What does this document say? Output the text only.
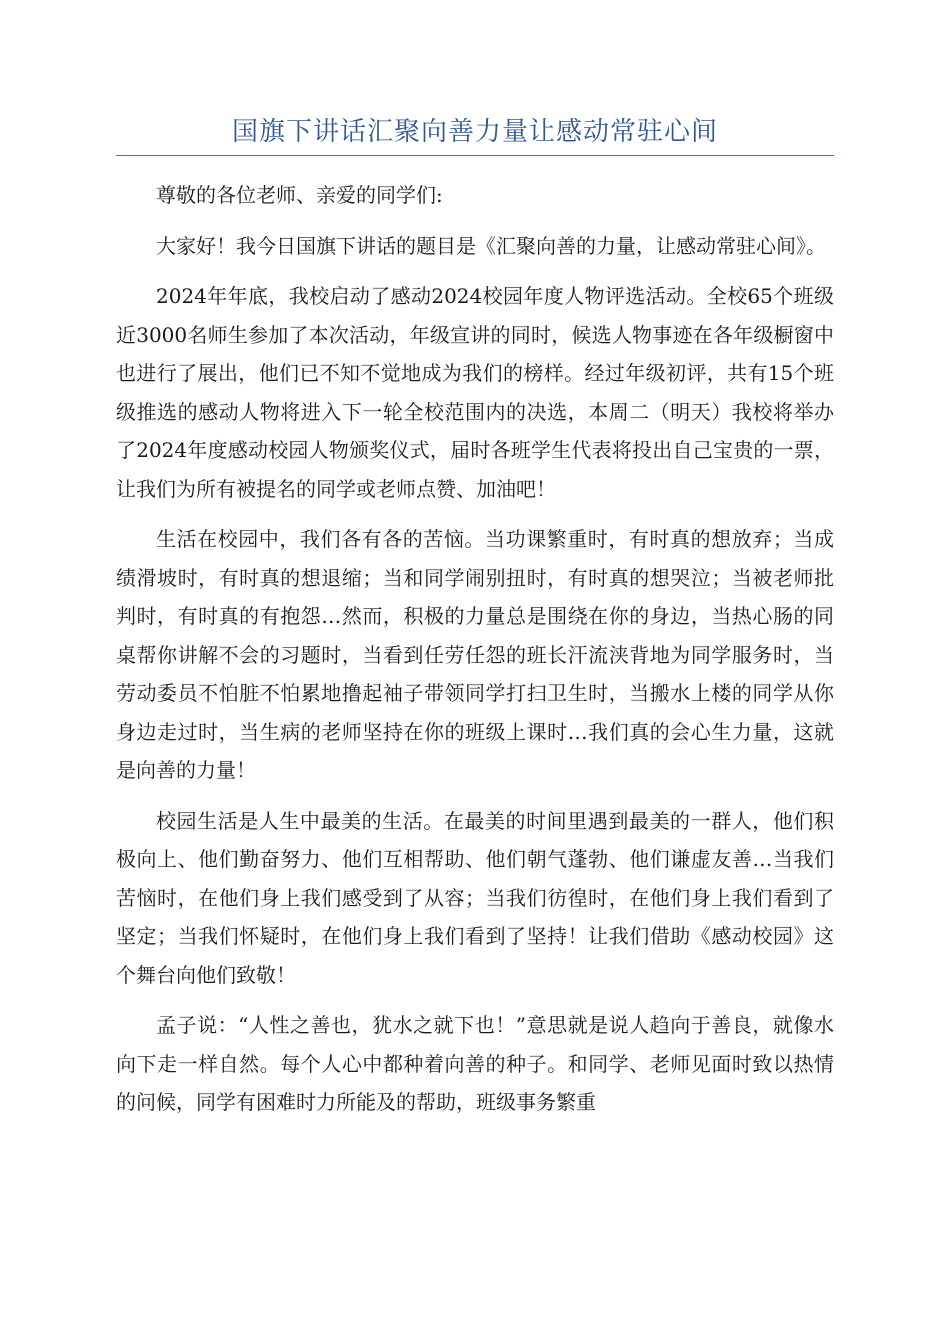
国旗下讲话汇聚向善力量让感动常驻心间

尊敬的各位老师、亲爱的同学们:

大家好！我今日国旗下讲话的题目是《汇聚向善的力量，让感动常驻心间》。

2024年年底，我校启动了感动2024校园年度人物评选活动。全校65个班级近3000名师生参加了本次活动，年级宣讲的同时，候选人物事迹在各年级橱窗中也进行了展出，他们已不知不觉地成为我们的榜样。经过年级初评，共有15个班级推选的感动人物将进入下一轮全校范围内的决选，本周二（明天）我校将举办了2024年度感动校园人物颁奖仪式，届时各班学生代表将投出自己宝贵的一票，让我们为所有被提名的同学或老师点赞、加油吧！

生活在校园中，我们各有各的苦恼。当功课繁重时，有时真的想放弃；当成绩滑坡时，有时真的想退缩；当和同学闹别扭时，有时真的想哭泣；当被老师批判时，有时真的有抱怨…然而，积极的力量总是围绕在你的身边，当热心肠的同桌帮你讲解不会的习题时，当看到任劳任怨的班长汗流浃背地为同学服务时，当劳动委员不怕脏不怕累地撸起袖子带领同学打扫卫生时，当搬水上楼的同学从你身边走过时，当生病的老师坚持在你的班级上课时…我们真的会心生力量，这就是向善的力量！

校园生活是人生中最美的生活。在最美的时间里遇到最美的一群人，他们积极向上、他们勤奋努力、他们互相帮助、他们朝气蓬勃、他们谦虚友善…当我们苦恼时，在他们身上我们感受到了从容；当我们彷徨时，在他们身上我们看到了坚定；当我们怀疑时，在他们身上我们看到了坚持！让我们借助《感动校园》这个舞台向他们致敬！

孟子说：“人性之善也，犹水之就下也！”意思就是说人趋向于善良，就像水向下走一样自然。每个人心中都种着向善的种子。和同学、老师见面时致以热情的问候，同学有困难时力所能及的帮助，班级事务繁重
